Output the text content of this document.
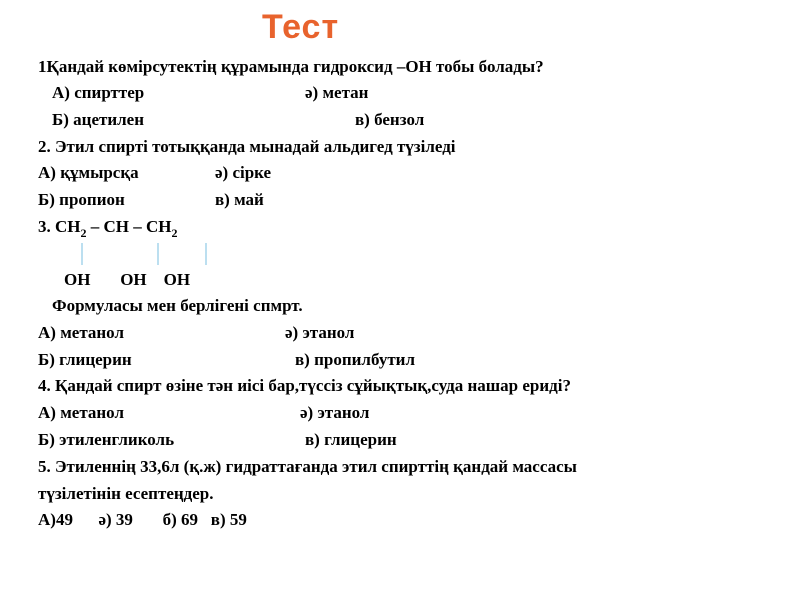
Тест
1Қандай көмірсутектің құрамында гидроксид –ОН тобы болады?
А) спирттер	ә) метан
Б) ацетилен	в) бензол
2. Этил спирті тотыққанда мынадай альдигед түзіледі
А) құмырсқа	ә) сірке
Б) пропион	в) май
3. $CH_2$ – CH – $CH_2$
OH       OH    OH
Формуласы мен берлігені спмрт.
А) метанол	ә) этанол
Б) глицерин	в) пропилбутил
4. Қандай спирт өзіне тән иісі бар,түссіз сұйықтық,суда нашар ериді?
А) метанол	ә) этанол
Б) этиленгликоль	в) глицерин
5. Этиленнің 33,6л (қ.ж) гидраттағанда этил спирттің қандай массасы
түзілетінін есептеңдер.
А)49      ә) 39       б) 69   в) 59
